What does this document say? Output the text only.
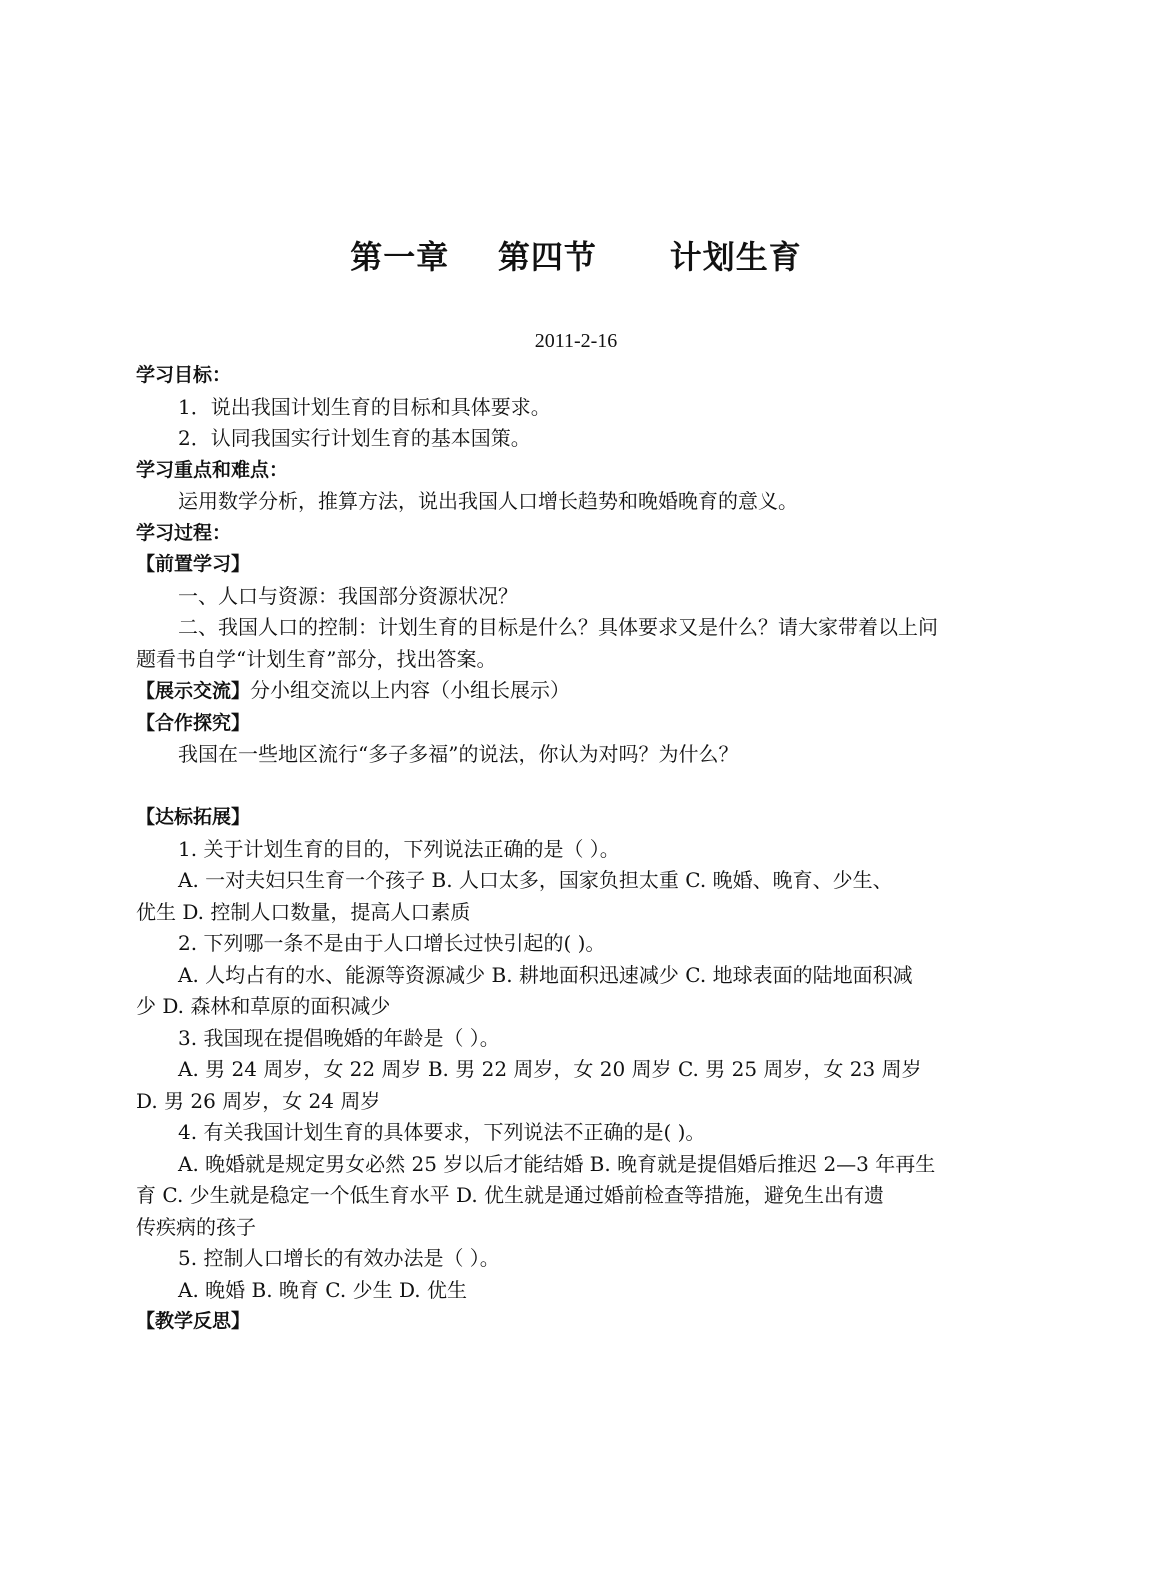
第一章    第四节      计划生育
2011-2-16

学习目标：

1．说出我国计划生育的目标和具体要求。

2．认同我国实行计划生育的基本国策。

学习重点和难点：

运用数学分析，推算方法，说出我国人口增长趋势和晚婚晚育的意义。

学习过程：

【前置学习】

一、人口与资源：我国部分资源状况？

二、我国人口的控制：计划生育的目标是什么？具体要求又是什么？请大家带着以上问

题看书自学“计划生育”部分，找出答案。

【展示交流】分小组交流以上内容（小组长展示）

【合作探究】

我国在一些地区流行“多子多福”的说法，你认为对吗？为什么？

【达标拓展】

1. 关于计划生育的目的，下列说法正确的是（ ）。

A. 一对夫妇只生育一个孩子 B. 人口太多，国家负担太重 C. 晚婚、晚育、少生、

优生 D. 控制人口数量，提高人口素质

2. 下列哪一条不是由于人口增长过快引起的( )。

A. 人均占有的水、能源等资源减少 B. 耕地面积迅速减少 C. 地球表面的陆地面积减

少 D. 森林和草原的面积减少

3. 我国现在提倡晚婚的年龄是（ ）。

A. 男 24 周岁，女 22 周岁 B. 男 22 周岁，女 20 周岁 C. 男 25 周岁，女 23 周岁

D. 男 26 周岁，女 24 周岁

4. 有关我国计划生育的具体要求，下列说法不正确的是( )。

A. 晚婚就是规定男女必然 25 岁以后才能结婚 B. 晚育就是提倡婚后推迟 2—3 年再生

育 C. 少生就是稳定一个低生育水平 D. 优生就是通过婚前检查等措施，避免生出有遗

传疾病的孩子

5. 控制人口增长的有效办法是（ ）。

A. 晚婚 B. 晚育 C. 少生 D. 优生

【教学反思】
